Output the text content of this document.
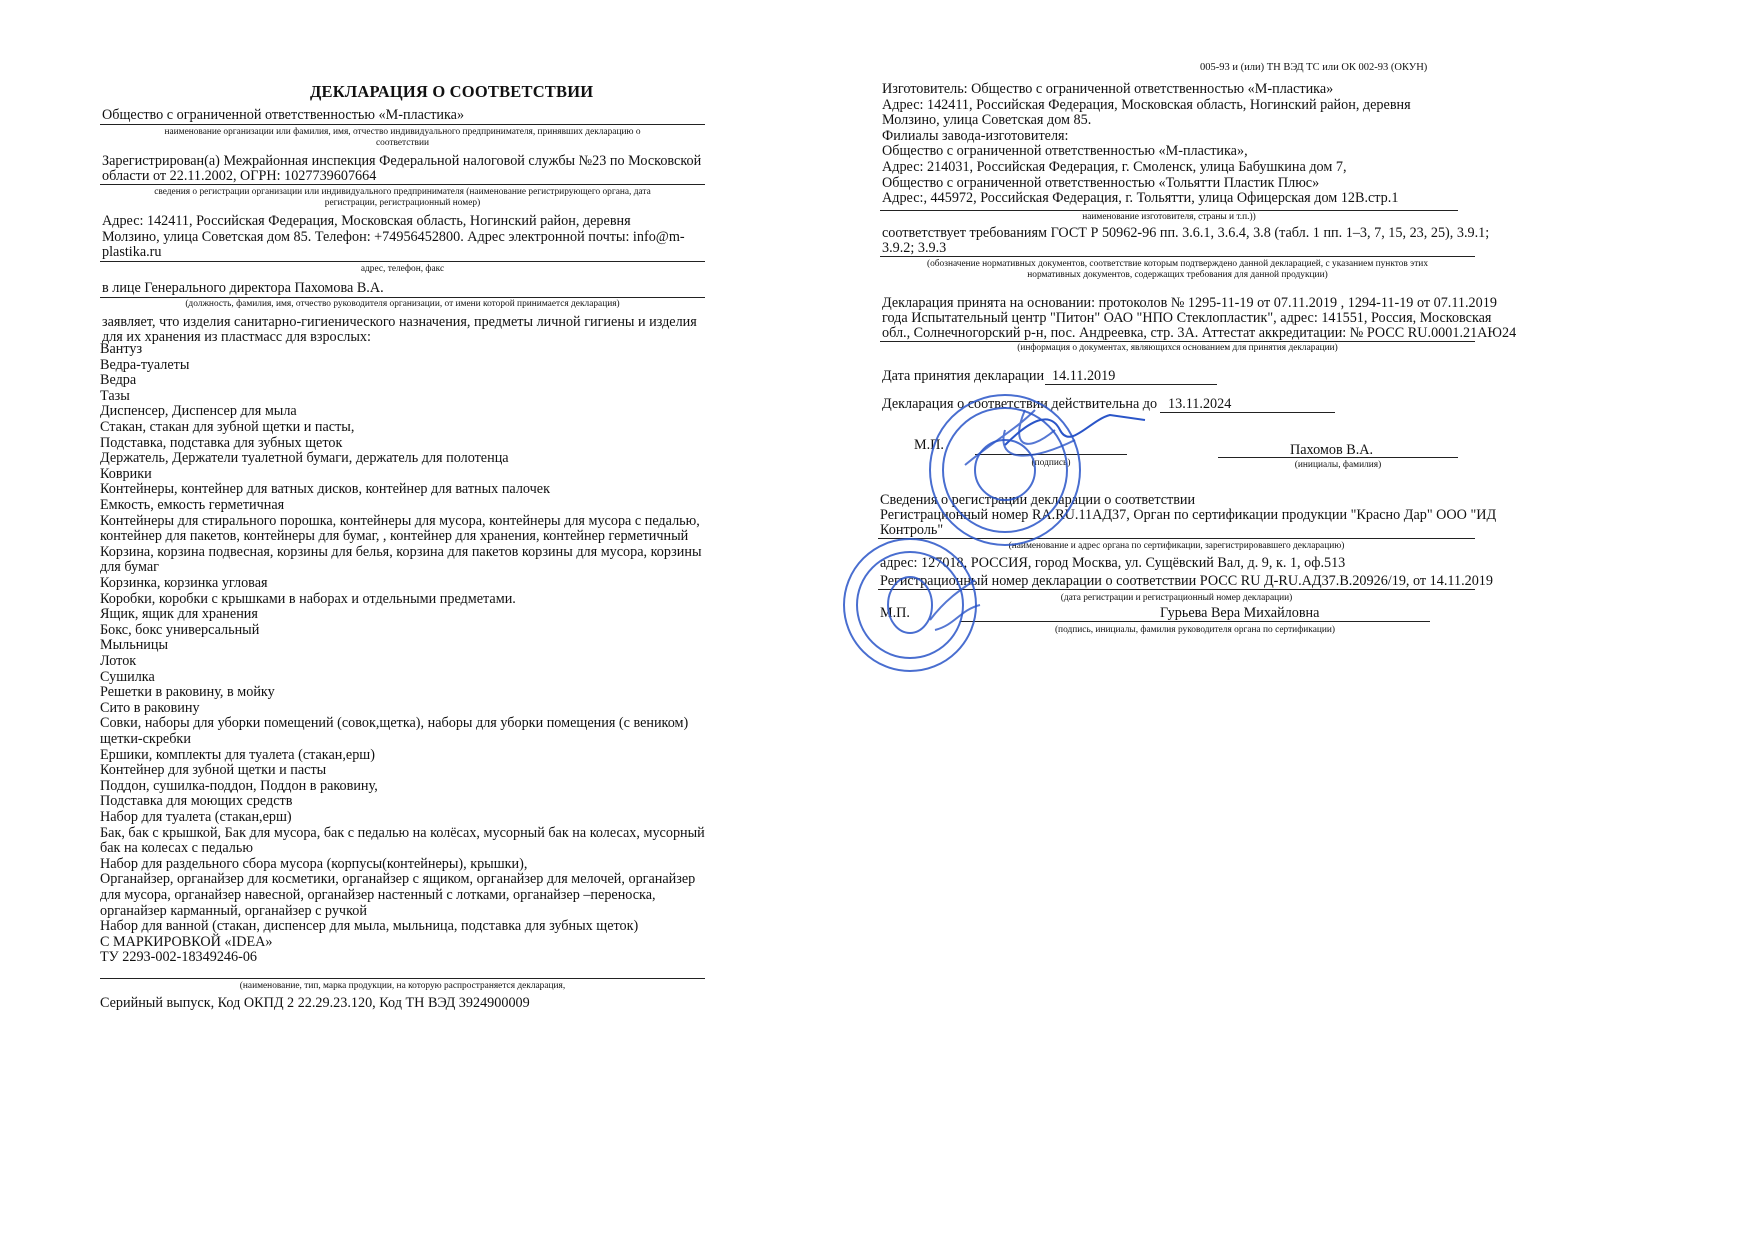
ДЕКЛАРАЦИЯ О СООТВЕТСТВИИ
Общество с ограниченной ответственностью «М-пластика»
наименование организации или фамилия, имя, отчество индивидуального предпринимателя, принявших декларацию о
соответствии
Зарегистрирован(а) Межрайонная инспекция Федеральной налоговой службы №23 по Московской
области от 22.11.2002, ОГРН: 1027739607664
сведения о регистрации организации или индивидуального предпринимателя (наименование регистрирующего органа, дата
регистрации, регистрационный номер)
Адрес: 142411, Российская Федерация, Московская область, Ногинский район, деревня
Молзино, улица Советская дом 85. Телефон: +74956452800. Адрес электронной почты: info@m-
plastika.ru
адрес, телефон, факс
в лице Генерального директора Пахомова В.А.
(должность, фамилия, имя, отчество руководителя организации, от имени которой принимается декларация)
заявляет, что изделия санитарно-гигиенического назначения, предметы личной гигиены и изделия
для их хранения из пластмасс для взрослых:
Вантуз
Ведра-туалеты
Ведра
Тазы
Диспенсер, Диспенсер для мыла
Стакан, стакан для зубной щетки и пасты,
Подставка, подставка для зубных щеток
Держатель, Держатели туалетной бумаги, держатель для полотенца
Коврики
Контейнеры, контейнер для ватных дисков, контейнер для ватных палочек
Емкость, емкость герметичная
Контейнеры для стирального порошка, контейнеры для мусора, контейнеры для мусора с педалью,
контейнер для пакетов, контейнеры для бумаг, , контейнер для хранения, контейнер герметичный
Корзина, корзина подвесная, корзины для белья, корзина для пакетов корзины для мусора, корзины
для бумаг
Корзинка, корзинка угловая
Коробки, коробки с крышками в наборах и отдельными предметами.
Ящик, ящик для хранения
Бокс, бокс универсальный
Мыльницы
Лоток
Сушилка
Решетки в раковину, в мойку
Сито в раковину
Совки, наборы для уборки помещений (совок,щетка), наборы для уборки помещения (с веником)
щетки-скребки
Ершики, комплекты для туалета (стакан,ерш)
Контейнер для зубной щетки и пасты
Поддон, сушилка-поддон, Поддон в раковину,
Подставка для моющих средств
Набор для туалета (стакан,ерш)
Бак, бак с крышкой, Бак для мусора, бак с педалью на колёсах, мусорный бак на колесах, мусорный
бак на колесах с педалью
Набор для раздельного сбора мусора (корпусы(контейнеры), крышки),
Органайзер, органайзер для косметики, органайзер с ящиком, органайзер для мелочей, органайзер
для мусора, органайзер навесной, органайзер настенный с лотками, органайзер –переноска,
органайзер карманный, органайзер с ручкой
Набор для ванной (стакан, диспенсер для мыла, мыльница, подставка для зубных щеток)
С МАРКИРОВКОЙ «IDEA»
ТУ 2293-002-18349246-06
(наименование, тип, марка продукции, на которую распространяется декларация,
Серийный выпуск, Код ОКПД 2 22.29.23.120, Код ТН ВЭД 3924900009
005-93 и (или) ТН ВЭД ТС или ОК 002-93 (ОКУН)
Изготовитель: Общество с ограниченной ответственностью «М-пластика»
Адрес: 142411, Российская Федерация, Московская область, Ногинский район, деревня
Молзино, улица Советская дом 85.
Филиалы завода-изготовителя:
Общество с ограниченной ответственностью «М-пластика»,
Адрес: 214031, Российская Федерация, г. Смоленск, улица Бабушкина дом 7,
Общество с ограниченной ответственностью «Тольятти Пластик Плюс»
Адрес:, 445972, Российская Федерация, г. Тольятти, улица Офицерская дом 12В.стр.1
наименование изготовителя, страны и т.п.))
соответствует требованиям ГОСТ Р 50962-96 пп. 3.6.1, 3.6.4, 3.8 (табл. 1 пп. 1–3, 7, 15, 23, 25), 3.9.1;
3.9.2; 3.9.3
(обозначение нормативных документов, соответствие которым подтверждено данной декларацией, с указанием пунктов этих
нормативных документов, содержащих требования для данной продукции)
Декларация принята на основании: протоколов № 1295-11-19 от 07.11.2019 , 1294-11-19 от 07.11.2019
года Испытательный центр "Питон" ОАО "НПО Стеклопластик", адрес: 141551, Россия, Московская
обл., Солнечногорский р-н, пос. Андреевка, стр. 3А. Аттестат аккредитации: № РОСС RU.0001.21АЮ24
(информация о документах, являющихся основанием для принятия декларации)
Дата принятия декларации 14.11.2019
Декларация о соответствии действительна до 13.11.2024
М.П.
(подпись)
Пахомов В.А.
(инициалы, фамилия)
Сведения о регистрации декларации о соответствии
Регистрационный номер RA.RU.11АД37, Орган по сертификации продукции "Красно Дар" ООО "ИД
Контроль"
(наименование и адрес органа по сертификации, зарегистрировавшего декларацию)
адрес: 127018, РОССИЯ, город Москва, ул. Сущёвский Вал, д. 9, к. 1, оф.513
Регистрационный номер декларации о соответствии РОСС RU Д-RU.АД37.В.20926/19, от 14.11.2019
(дата регистрации и регистрационный номер декларации)
М.П.	Гурьева Вера Михайловна
(подпись, инициалы, фамилия руководителя органа по сертификации)
